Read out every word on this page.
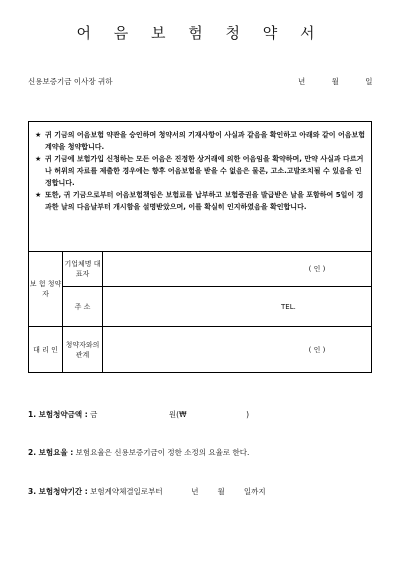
어 음 보 험 청 약 서
신용보증기금 이사장 귀하	년 월 일

★ 귀 기금의 어음보험 약관을 승인하며 청약서의 기재사항이 사실과 같음을 확인하고 아래와 같이 어음보험계약을 청약합니다.

★ 귀 기금에 보험가입 신청하는 모든 어음은 진정한 상거래에 의한 어음임을 확약하며, 만약 사실과 다르거나 허위의 자료를 제출한 경우에는 향후 어음보험을 받을 수 없음은 물론, 고소.고발조치될 수 있음을 인정합니다.

★ 또한, 귀 기금으로부터 어음보험책임은 보험료를 납부하고 보험증권을 발급받은 날을 포함하여 5일이 경과한 날의 다음날부터 개시함을 설명받았으며, 이를 확실히 인지하였음을 확인합니다.

보 험 청약자	기업체명 대표자	( 인 )
	주 소	TEL.
대 리 인	청약자와의 관계	( 인 )
1. 보험청약금액 :
금                              원(₩                         )
2. 보험요율 :
보험요율은 신용보증기금이 정한 소정의 요율로 한다.
3. 보험청약기간 :
보험계약체결일로부터            년        월        일까지
